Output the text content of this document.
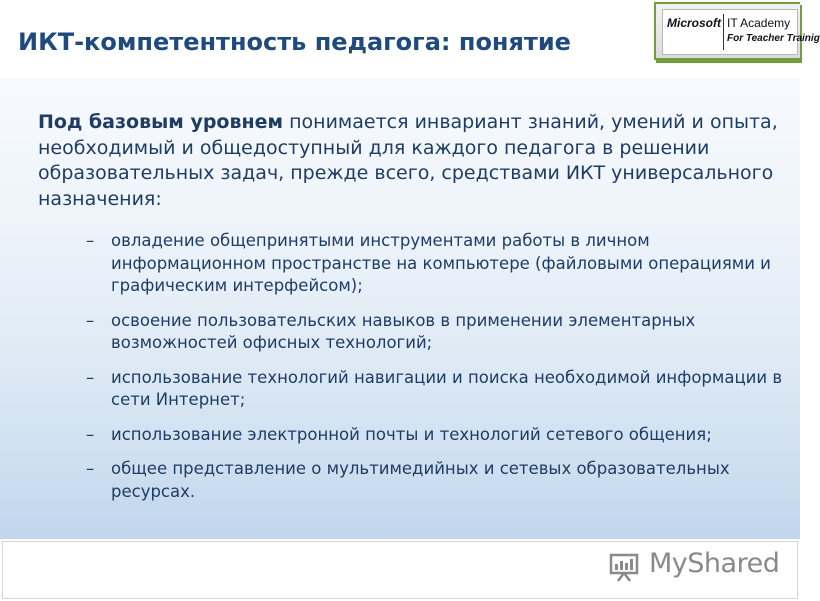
ИКТ-компетентность педагога: понятие
Microsoft IT Academy
For Teacher Trainig

Под базовым уровнем понимается инвариант знаний, умений и опыта, необходимый и общедоступный для каждого педагога в решении образовательных задач, прежде всего, средствами ИКТ универсального назначения:

– овладение общепринятыми инструментами работы в личном информационном пространстве на компьютере (файловыми операциями и графическим интерфейсом);
– освоение пользовательских навыков в применении элементарных возможностей офисных технологий;
– использование технологий навигации и поиска необходимой информации в сети Интернет;
– использование электронной почты и технологий сетевого общения;
– общее представление о мультимедийных и сетевых образовательных ресурсах.
MyShared
